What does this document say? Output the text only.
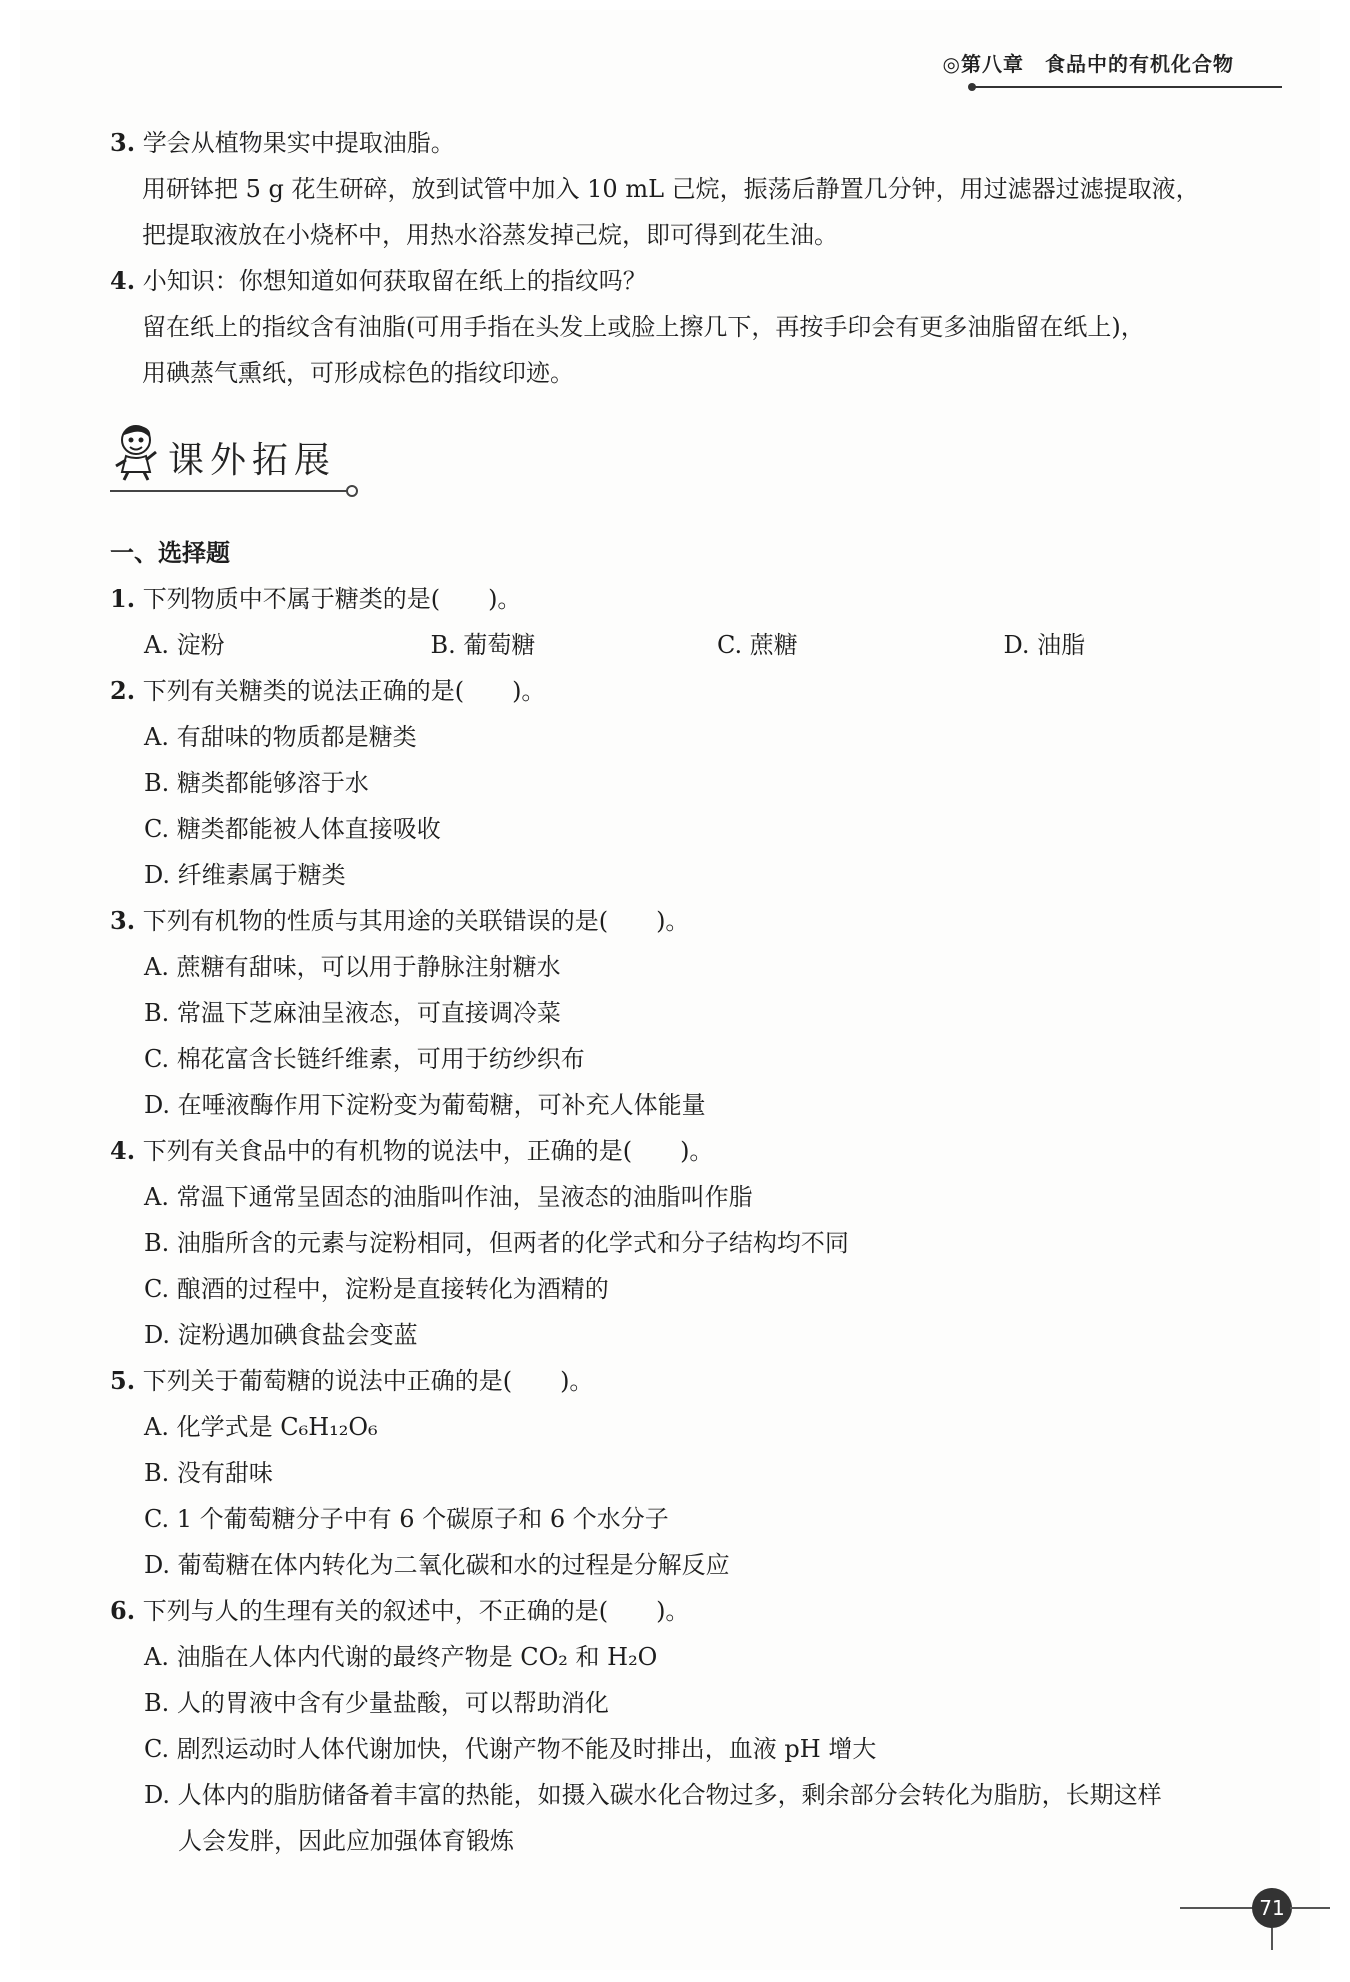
◎第八章　食品中的有机化合物
3. 学会从植物果实中提取油脂。
用研钵把 5 g 花生研碎，放到试管中加入 10 mL 己烷，振荡后静置几分钟，用过滤器过滤提取液，
把提取液放在小烧杯中，用热水浴蒸发掉己烷，即可得到花生油。
4. 小知识：你想知道如何获取留在纸上的指纹吗？
留在纸上的指纹含有油脂(可用手指在头发上或脸上擦几下，再按手印会有更多油脂留在纸上)，
用碘蒸气熏纸，可形成棕色的指纹印迹。
课外拓展
一、选择题
1. 下列物质中不属于糖类的是(　　)。
A. 淀粉	B. 葡萄糖	C. 蔗糖	D. 油脂
2. 下列有关糖类的说法正确的是(　　)。
A. 有甜味的物质都是糖类
B. 糖类都能够溶于水
C. 糖类都能被人体直接吸收
D. 纤维素属于糖类
3. 下列有机物的性质与其用途的关联错误的是(　　)。
A. 蔗糖有甜味，可以用于静脉注射糖水
B. 常温下芝麻油呈液态，可直接调冷菜
C. 棉花富含长链纤维素，可用于纺纱织布
D. 在唾液酶作用下淀粉变为葡萄糖，可补充人体能量
4. 下列有关食品中的有机物的说法中，正确的是(　　)。
A. 常温下通常呈固态的油脂叫作油，呈液态的油脂叫作脂
B. 油脂所含的元素与淀粉相同，但两者的化学式和分子结构均不同
C. 酿酒的过程中，淀粉是直接转化为酒精的
D. 淀粉遇加碘食盐会变蓝
5. 下列关于葡萄糖的说法中正确的是(　　)。
A. 化学式是 C₆H₁₂O₆
B. 没有甜味
C. 1 个葡萄糖分子中有 6 个碳原子和 6 个水分子
D. 葡萄糖在体内转化为二氧化碳和水的过程是分解反应
6. 下列与人的生理有关的叙述中，不正确的是(　　)。
A. 油脂在人体内代谢的最终产物是 CO₂ 和 H₂O
B. 人的胃液中含有少量盐酸，可以帮助消化
C. 剧烈运动时人体代谢加快，代谢产物不能及时排出，血液 pH 增大
D. 人体内的脂肪储备着丰富的热能，如摄入碳水化合物过多，剩余部分会转化为脂肪，长期这样
人会发胖，因此应加强体育锻炼
71
